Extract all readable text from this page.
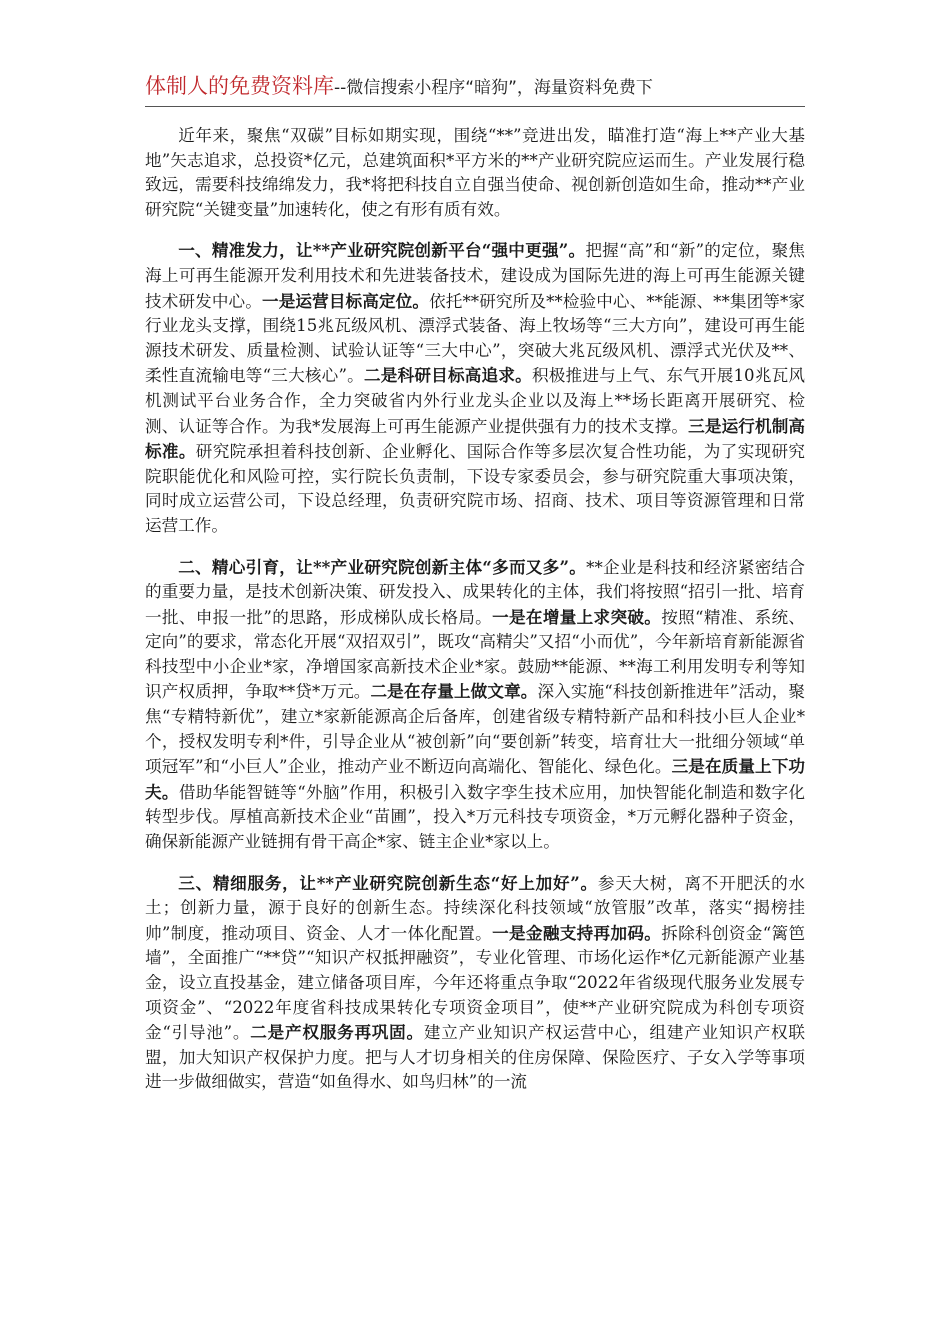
体制人的免费资料库--微信搜索小程序“暗狗”，海量资料免费下

近年来，聚焦“双碳”目标如期实现，围绕“**”竞进出发，瞄准打造“海上**产业大基地”矢志追求，总投资*亿元，总建筑面积*平方米的**产业研究院应运而生。产业发展行稳致远，需要科技绵绵发力，我*将把科技自立自强当使命、视创新创造如生命，推动**产业研究院“关键变量”加速转化，使之有形有质有效。

一、精准发力，让**产业研究院创新平台“强中更强”。把握“高”和“新”的定位，聚焦海上可再生能源开发利用技术和先进装备技术，建设成为国际先进的海上可再生能源关键技术研发中心。一是运营目标高定位。依托**研究所及**检验中心、**能源、**集团等*家行业龙头支撑，围绕15兆瓦级风机、漂浮式装备、海上牧场等“三大方向”，建设可再生能源技术研发、质量检测、试验认证等“三大中心”，突破大兆瓦级风机、漂浮式光伏及**、柔性直流输电等“三大核心”。二是科研目标高追求。积极推进与上气、东气开展10兆瓦风机测试平台业务合作，全力突破省内外行业龙头企业以及海上**场长距离开展研究、检测、认证等合作。为我*发展海上可再生能源产业提供强有力的技术支撑。三是运行机制高标准。研究院承担着科技创新、企业孵化、国际合作等多层次复合性功能，为了实现研究院职能优化和风险可控，实行院长负责制，下设专家委员会，参与研究院重大事项决策，同时成立运营公司，下设总经理，负责研究院市场、招商、技术、项目等资源管理和日常运营工作。

二、精心引育，让**产业研究院创新主体“多而又多”。**企业是科技和经济紧密结合的重要力量，是技术创新决策、研发投入、成果转化的主体，我们将按照“招引一批、培育一批、申报一批”的思路，形成梯队成长格局。一是在增量上求突破。按照“精准、系统、定向”的要求，常态化开展“双招双引”，既攻“高精尖”又招“小而优”，今年新培育新能源省科技型中小企业*家，净增国家高新技术企业*家。鼓励**能源、**海工利用发明专利等知识产权质押，争取**贷*万元。二是在存量上做文章。深入实施“科技创新推进年”活动，聚焦“专精特新优”，建立*家新能源高企后备库，创建省级专精特新产品和科技小巨人企业*个，授权发明专利*件，引导企业从“被创新”向“要创新”转变，培育壮大一批细分领域“单项冠军”和“小巨人”企业，推动产业不断迈向高端化、智能化、绿色化。三是在质量上下功夫。借助华能智链等“外脑”作用，积极引入数字孪生技术应用，加快智能化制造和数字化转型步伐。厚植高新技术企业“苗圃”，投入*万元科技专项资金，*万元孵化器种子资金，确保新能源产业链拥有骨干高企*家、链主企业*家以上。

三、精细服务，让**产业研究院创新生态“好上加好”。参天大树，离不开肥沃的水土；创新力量，源于良好的创新生态。持续深化科技领域“放管服”改革，落实“揭榜挂帅”制度，推动项目、资金、人才一体化配置。一是金融支持再加码。拆除科创资金“篱笆墙”，全面推广“**贷”“知识产权抵押融资”，专业化管理、市场化运作*亿元新能源产业基金，设立直投基金，建立储备项目库，今年还将重点争取“2022年省级现代服务业发展专项资金”、“2022年度省科技成果转化专项资金项目”，使**产业研究院成为科创专项资金“引导池”。二是产权服务再巩固。建立产业知识产权运营中心，组建产业知识产权联盟，加大知识产权保护力度。把与人才切身相关的住房保障、保险医疗、子女入学等事项进一步做细做实，营造“如鱼得水、如鸟归林”的一流
